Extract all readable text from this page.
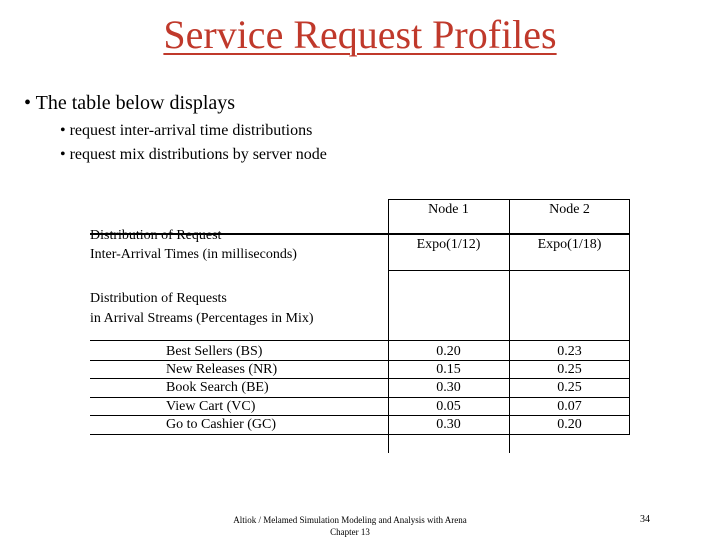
Service Request Profiles
• The table below displays
• request inter-arrival time distributions
• request mix distributions by server node
Node 1	Node 2
Distribution of Request
Inter-Arrival Times (in milliseconds)
Expo(1/12)	Expo(1/18)
Distribution of Requests
in Arrival Streams (Percentages in Mix)
Best Sellers (BS)	0.20	0.23
New Releases (NR)	0.15	0.25
Book Search (BE)	0.30	0.25
View Cart (VC)	0.05	0.07
Go to Cashier (GC)	0.30	0.20
Altiok / Melamed Simulation Modeling and Analysis with Arena
Chapter 13
34
